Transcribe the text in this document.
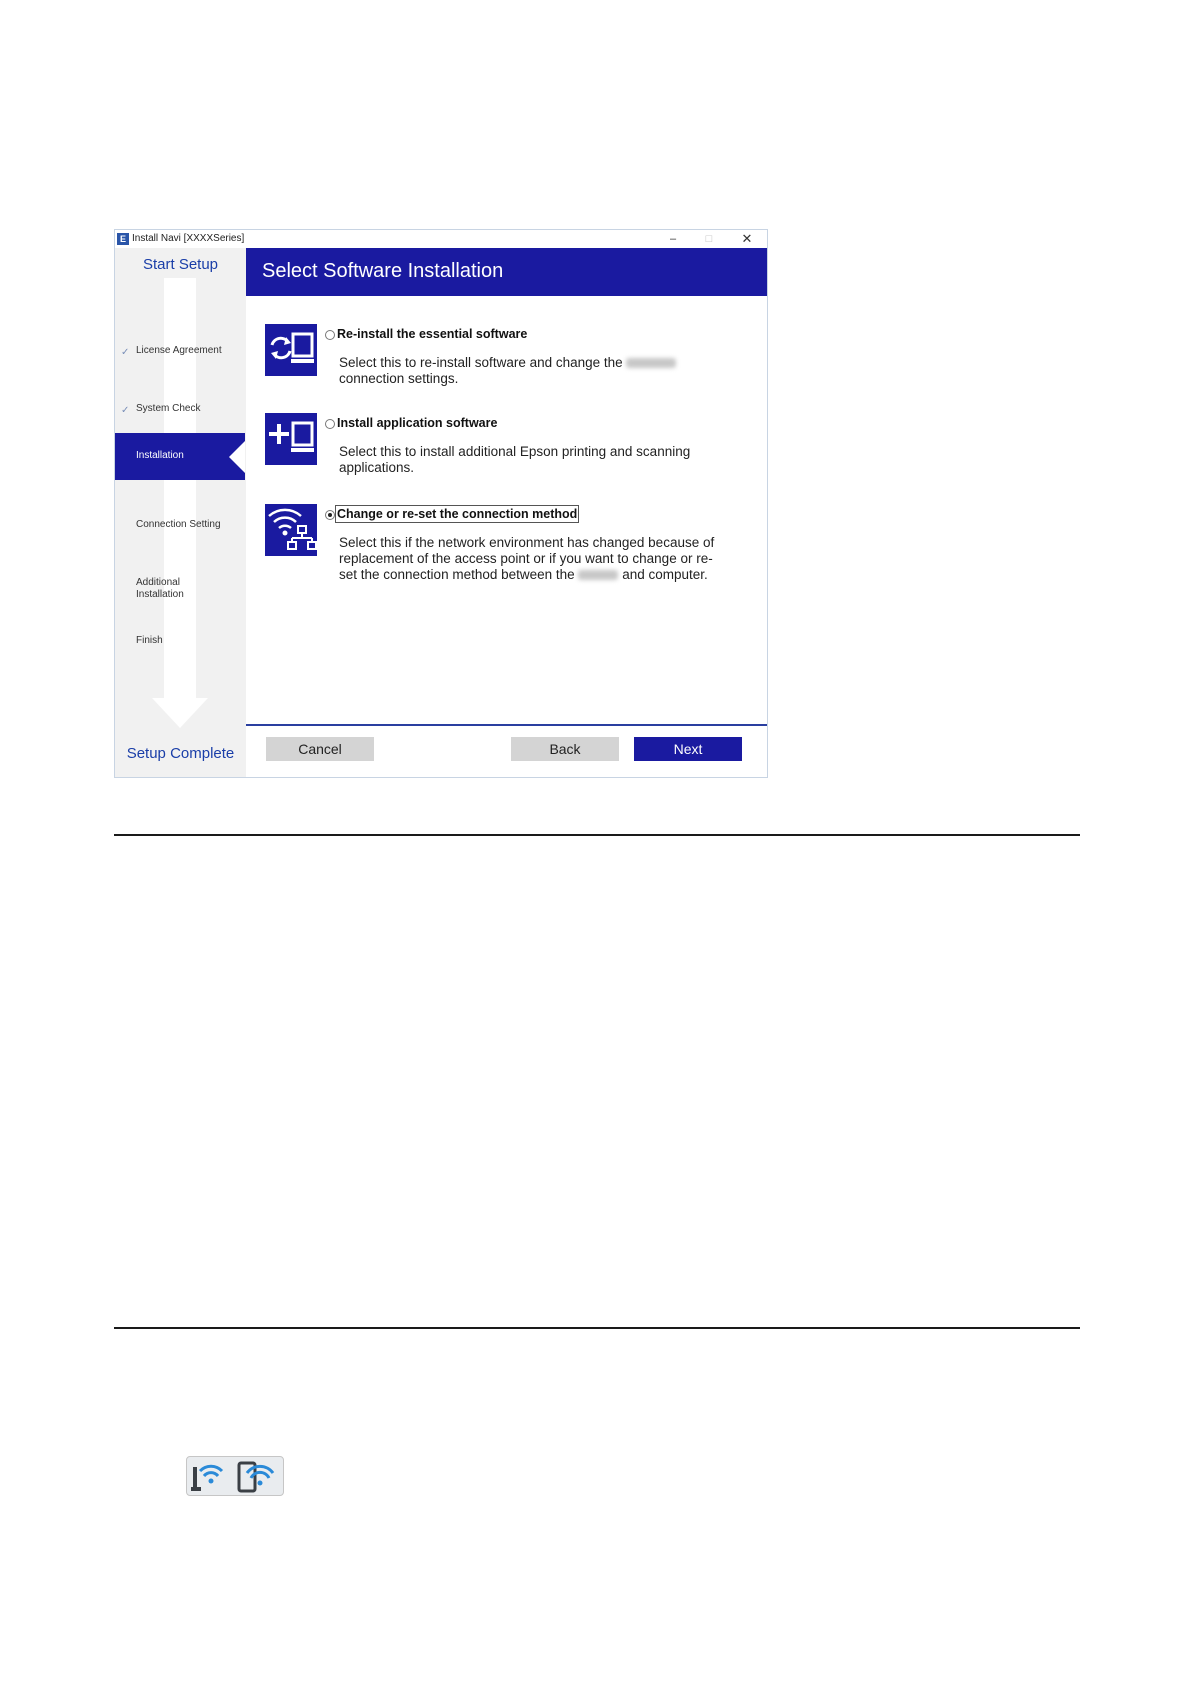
E Install Navi [XXXXSeries]	–	□	✕
Start Setup
✓ License Agreement
✓ System Check
Installation
Connection Setting
Additional Installation
Finish
Setup Complete
Select Software Installation
Re-install the essential software
Select this to re-install software and change the
connection settings.
Install application software
Select this to install additional Epson printing and scanning applications.
Change or re-set the connection method
Select this if the network environment has changed because of replacement of the access point or if you want to change or re-set the connection method between the	and computer.
Cancel	Back	Next
